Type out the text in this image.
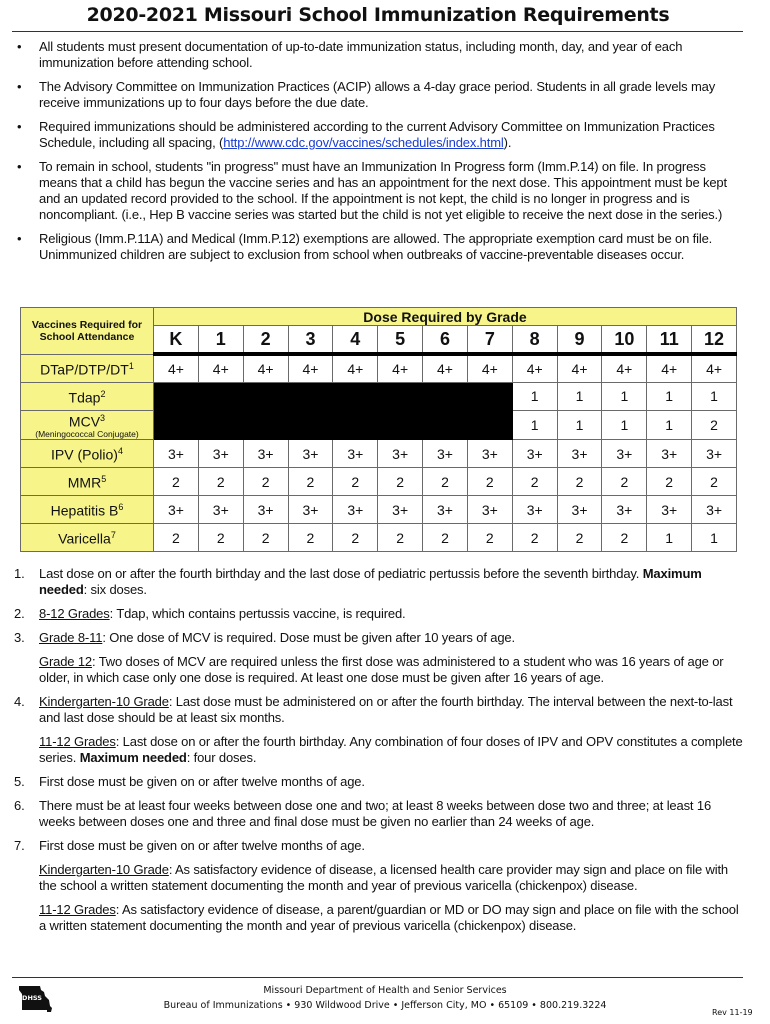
2020-2021 Missouri School Immunization Requirements
• All students must present documentation of up-to-date immunization status, including month, day, and year of each immunization before attending school.
• The Advisory Committee on Immunization Practices (ACIP) allows a 4-day grace period. Students in all grade levels may receive immunizations up to four days before the due date.
• Required immunizations should be administered according to the current Advisory Committee on Immunization Practices Schedule, including all spacing, (http://www.cdc.gov/vaccines/schedules/index.html).
• To remain in school, students "in progress" must have an Immunization In Progress form (Imm.P.14) on file. In progress means that a child has begun the vaccine series and has an appointment for the next dose. This appointment must be kept and an updated record provided to the school. If the appointment is not kept, the child is no longer in progress and is noncompliant. (i.e., Hep B vaccine series was started but the child is not yet eligible to receive the next dose in the series.)
• Religious (Imm.P.11A) and Medical (Imm.P.12) exemptions are allowed. The appropriate exemption card must be on file. Unimmunized children are subject to exclusion from school when outbreaks of vaccine-preventable diseases occur.
Vaccines Required for School Attendance	Dose Required by Grade												
	K	1	2	3	4	5	6	7	8	9	10	11	12
DTaP/$DTP/DT^1$	4+	4+	4+	4+	4+	4+	4+	4+	4+	4+	4+	4+	4+
Tdap$^2$									1	1	1	1	1
MCV$^3$
(Meningococcal Conjugate)									1	1	1	1	2
IPV (Polio)$^4$	3+	3+	3+	3+	3+	3+	3+	3+	3+	3+	3+	3+	3+
$MMR^5$	2	2	2	2	2	2	2	2	2	2	2	2	2
Hepatitis $B^6$	3+	3+	3+	3+	3+	3+	3+	3+	3+	3+	3+	3+	3+
Varicella$^7$	2	2	2	2	2	2	2	2	2	2	2	1	1
1. Last dose on or after the fourth birthday and the last dose of pediatric pertussis before the seventh birthday. Maximum needed: six doses.

2. 8-12 Grades: Tdap, which contains pertussis vaccine, is required.

3. Grade 8-11: One dose of MCV is required. Dose must be given after 10 years of age.

Grade 12: Two doses of MCV are required unless the first dose was administered to a student who was 16 years of age or older, in which case only one dose is required. At least one dose must be given after 16 years of age.

4. Kindergarten-10 Grade: Last dose must be administered on or after the fourth birthday. The interval between the next-to-last and last dose should be at least six months.

11-12 Grades: Last dose on or after the fourth birthday. Any combination of four doses of IPV and OPV constitutes a complete series. Maximum needed: four doses.

5. First dose must be given on or after twelve months of age.

6. There must be at least four weeks between dose one and two; at least 8 weeks between dose two and three; at least 16 weeks between doses one and three and final dose must be given no earlier than 24 weeks of age.

7. First dose must be given on or after twelve months of age.

Kindergarten-10 Grade: As satisfactory evidence of disease, a licensed health care provider may sign and place on file with the school a written statement documenting the month and year of previous varicella (chickenpox) disease.

11-12 Grades: As satisfactory evidence of disease, a parent/guardian or MD or DO may sign and place on file with the school a written statement documenting the month and year of previous varicella (chickenpox) disease.

DHSS
Missouri Department of Health and Senior Services
Bureau of Immunizations • 930 Wildwood Drive • Jefferson City, MO • 65109 • 800.219.3224
Rev 11-19
